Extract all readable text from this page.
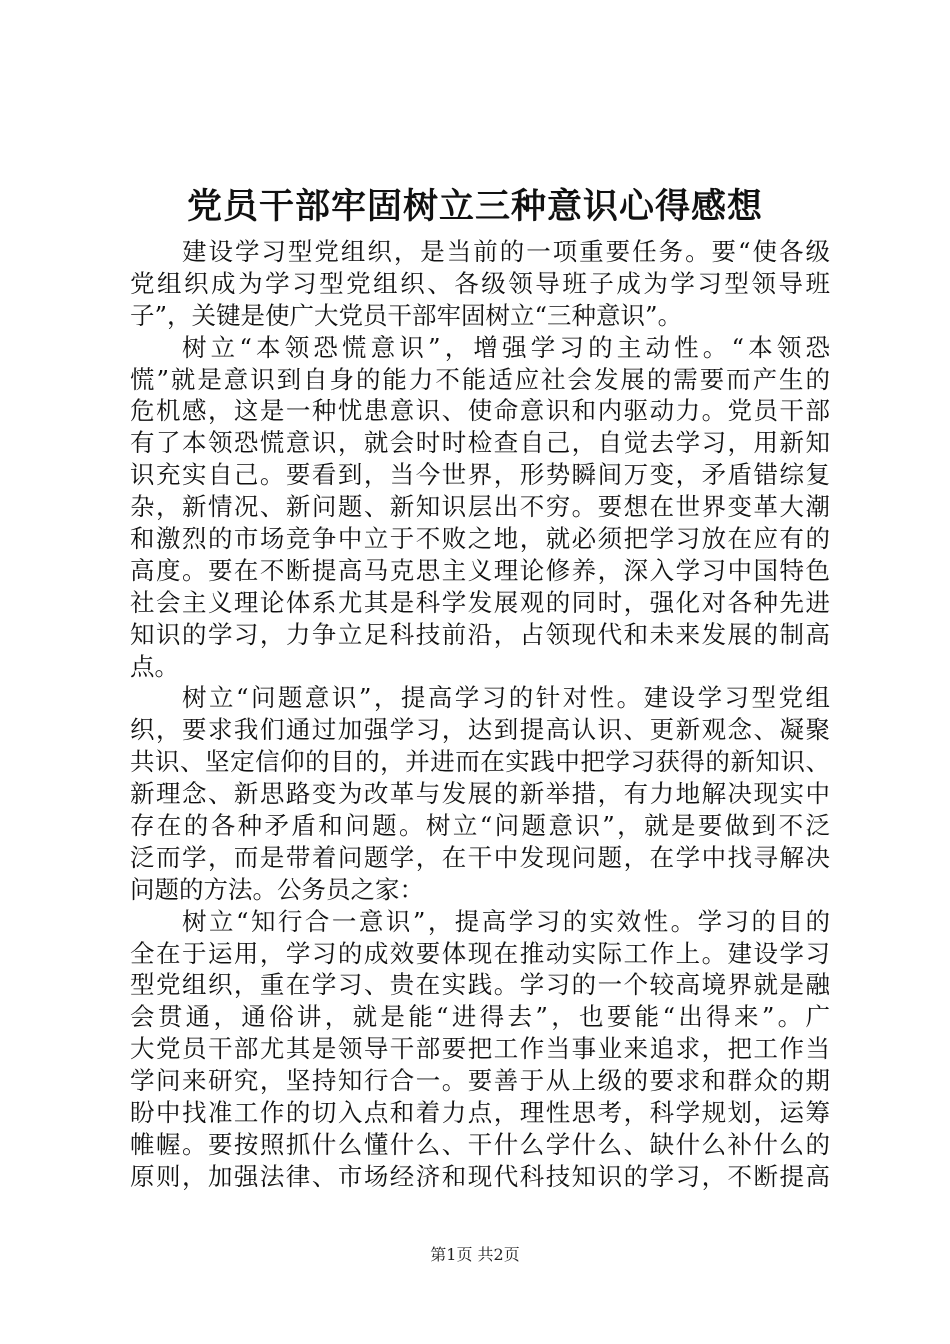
党员干部牢固树立三种意识心得感想
建设学习型党组织，是当前的一项重要任务。要“使各级
党组织成为学习型党组织、各级领导班子成为学习型领导班
子”，关键是使广大党员干部牢固树立“三种意识”。
树立“本领恐慌意识”，增强学习的主动性。“本领恐
慌”就是意识到自身的能力不能适应社会发展的需要而产生的
危机感，这是一种忧患意识、使命意识和内驱动力。党员干部
有了本领恐慌意识，就会时时检查自己，自觉去学习，用新知
识充实自己。要看到，当今世界，形势瞬间万变，矛盾错综复
杂，新情况、新问题、新知识层出不穷。要想在世界变革大潮
和激烈的市场竞争中立于不败之地，就必须把学习放在应有的
高度。要在不断提高马克思主义理论修养，深入学习中国特色
社会主义理论体系尤其是科学发展观的同时，强化对各种先进
知识的学习，力争立足科技前沿，占领现代和未来发展的制高
点。
树立“问题意识”，提高学习的针对性。建设学习型党组
织，要求我们通过加强学习，达到提高认识、更新观念、凝聚
共识、坚定信仰的目的，并进而在实践中把学习获得的新知识、
新理念、新思路变为改革与发展的新举措，有力地解决现实中
存在的各种矛盾和问题。树立“问题意识”，就是要做到不泛
泛而学，而是带着问题学，在干中发现问题，在学中找寻解决
问题的方法。公务员之家：
树立“知行合一意识”，提高学习的实效性。学习的目的
全在于运用，学习的成效要体现在推动实际工作上。建设学习
型党组织，重在学习、贵在实践。学习的一个较高境界就是融
会贯通，通俗讲，就是能“进得去”，也要能“出得来”。广
大党员干部尤其是领导干部要把工作当事业来追求，把工作当
学问来研究，坚持知行合一。要善于从上级的要求和群众的期
盼中找准工作的切入点和着力点，理性思考，科学规划，运筹
帷幄。要按照抓什么懂什么、干什么学什么、缺什么补什么的
原则，加强法律、市场经济和现代科技知识的学习，不断提高
第1页 共2页
